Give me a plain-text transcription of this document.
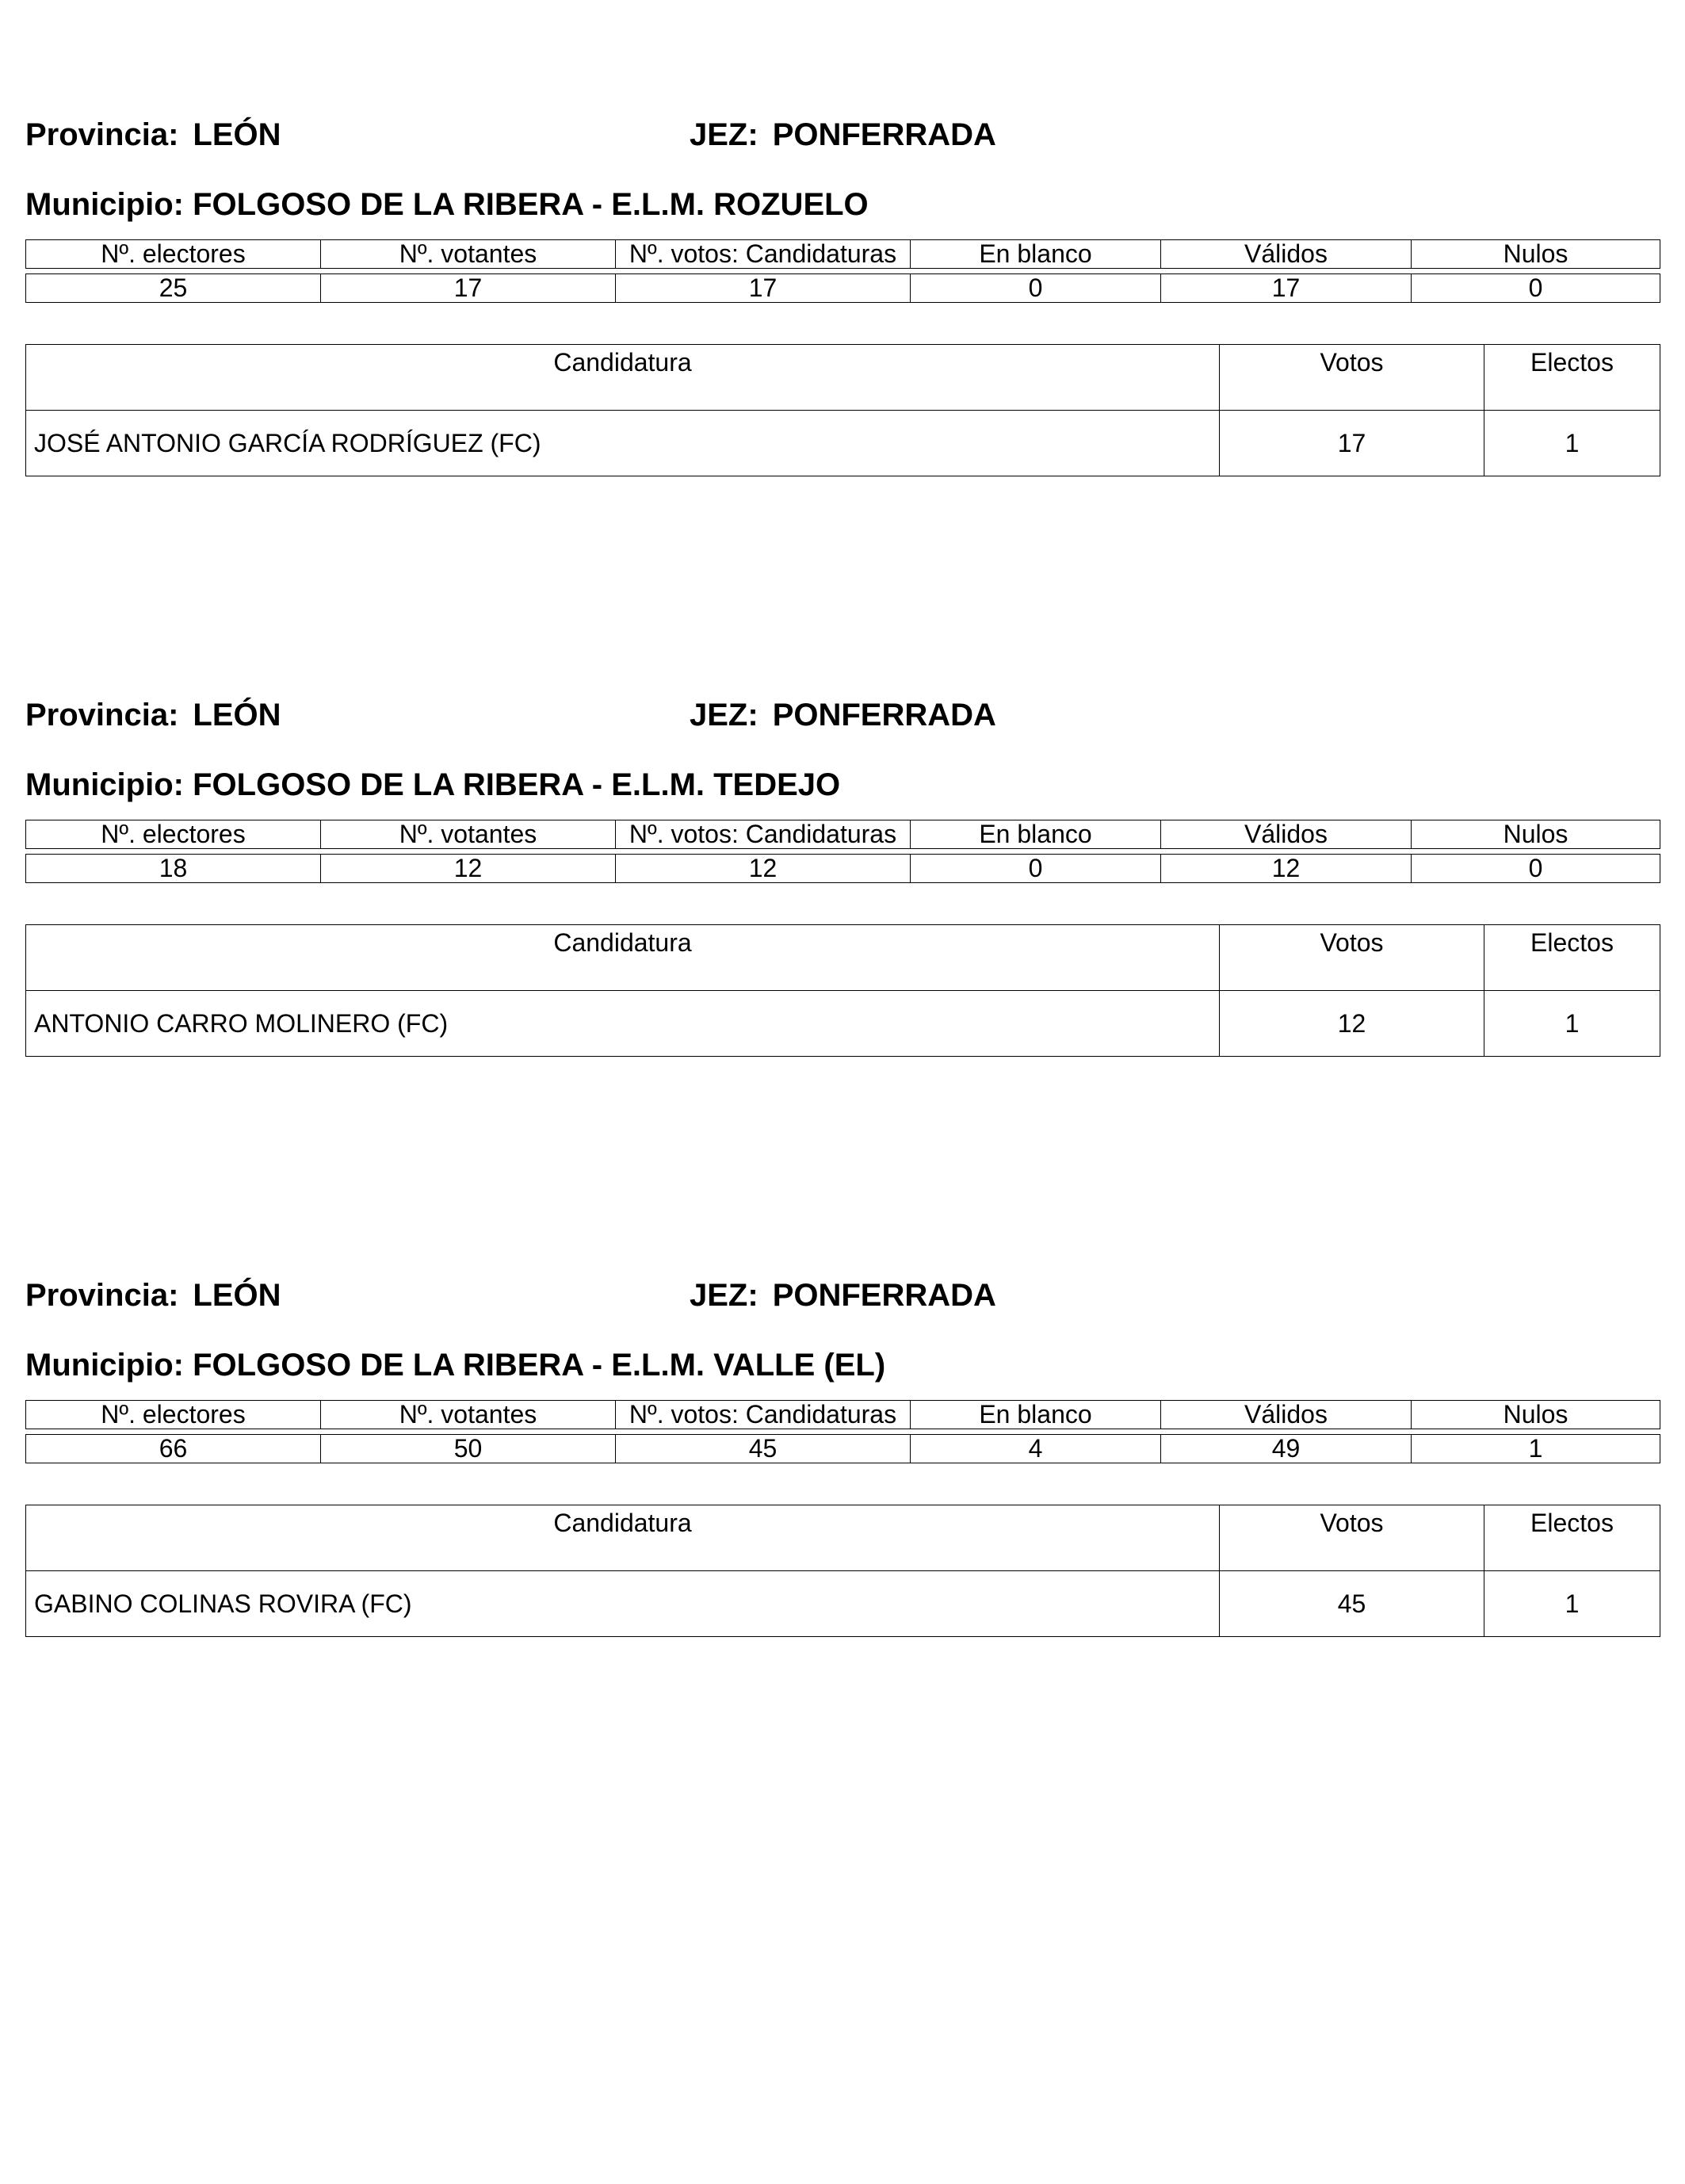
Provincia: LEÓN	JEZ: PONFERRADA
Municipio: FOLGOSO DE LA RIBERA - E.L.M. ROZUELO
Nº. electores	Nº. votantes	Nº. votos: Candidaturas	En blanco	Válidos	Nulos

25	17	17	0	17	0
Candidatura	Votos	Electos
JOSÉ ANTONIO GARCÍA RODRÍGUEZ (FC)	17	1
Provincia: LEÓN	JEZ: PONFERRADA
Municipio: FOLGOSO DE LA RIBERA - E.L.M. TEDEJO
Nº. electores	Nº. votantes	Nº. votos: Candidaturas	En blanco	Válidos	Nulos

18	12	12	0	12	0
Candidatura	Votos	Electos
ANTONIO CARRO MOLINERO (FC)	12	1
Provincia: LEÓN	JEZ: PONFERRADA
Municipio: FOLGOSO DE LA RIBERA - E.L.M. VALLE (EL)
Nº. electores	Nº. votantes	Nº. votos: Candidaturas	En blanco	Válidos	Nulos

66	50	45	4	49	1
Candidatura	Votos	Electos
GABINO COLINAS ROVIRA (FC)	45	1
